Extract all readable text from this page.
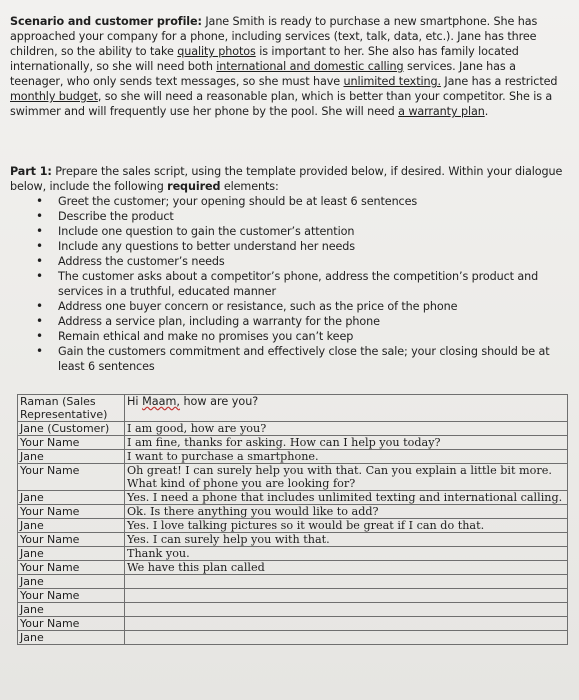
Scenario and customer profile: Jane Smith is ready to purchase a new smartphone. She has approached your company for a phone, including services (text, talk, data, etc.). Jane has three children, so the ability to take quality photos is important to her. She also has family located internationally, so she will need both international and domestic calling services. Jane has a teenager, who only sends text messages, so she must have unlimited texting. Jane has a restricted monthly budget, so she will need a reasonable plan, which is better than your competitor. She is a swimmer and will frequently use her phone by the pool. She will need a warranty plan.
Part 1: Prepare the sales script, using the template provided below, if desired. Within your dialogue below, include the following required elements:
• Greet the customer; your opening should be at least 6 sentences
• Describe the product
• Include one question to gain the customer’s attention
• Include any questions to better understand her needs
• Address the customer’s needs
• The customer asks about a competitor’s phone, address the competition’s product and services in a truthful, educated manner
• Address one buyer concern or resistance, such as the price of the phone
• Address a service plan, including a warranty for the phone
• Remain ethical and make no promises you can’t keep
• Gain the customers commitment and effectively close the sale; your closing should be at least 6 sentences
Raman (Sales Representative)	Hi Maam, how are you?
Jane (Customer)	I am good, how are you?
Your Name	I am fine, thanks for asking. How can I help you today?
Jane	I want to purchase a smartphone.
Your Name	Oh great! I can surely help you with that. Can you explain a little bit more. What kind of phone you are looking for?
Jane	Yes. I need a phone that includes unlimited texting and international calling.
Your Name	Ok. Is there anything you would like to add?
Jane	Yes. I love talking pictures so it would be great if I can do that.
Your Name	Yes. I can surely help you with that.
Jane	Thank you.
Your Name	We have this plan called
Jane	
Your Name	
Jane	
Your Name	
Jane	
